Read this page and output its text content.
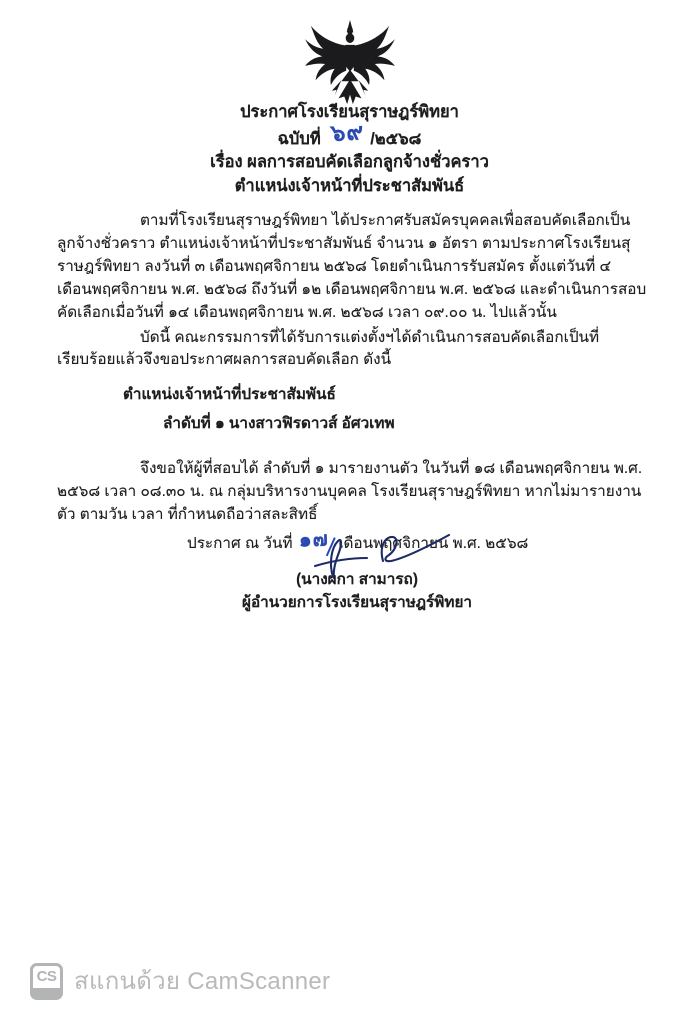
ประกาศโรงเรียนสุราษฎร์พิทยา
ฉบับที่ ๖๙ /๒๕๖๘
เรื่อง ผลการสอบคัดเลือกลูกจ้างชั่วคราว
ตำแหน่งเจ้าหน้าที่ประชาสัมพันธ์

ตามที่โรงเรียนสุราษฎร์พิทยา ได้ประกาศรับสมัครบุคคลเพื่อสอบคัดเลือกเป็นลูกจ้างชั่วคราว ตำแหน่งเจ้าหน้าที่ประชาสัมพันธ์ จำนวน ๑ อัตรา ตามประกาศโรงเรียนสุราษฎร์พิทยา ลงวันที่ ๓ เดือนพฤศจิกายน ๒๕๖๘ โดยดำเนินการรับสมัคร ตั้งแต่วันที่ ๔ เดือนพฤศจิกายน พ.ศ. ๒๕๖๘ ถึงวันที่ ๑๒ เดือนพฤศจิกายน พ.ศ. ๒๕๖๘ และดำเนินการสอบคัดเลือกเมื่อวันที่ ๑๔ เดือนพฤศจิกายน พ.ศ. ๒๕๖๘ เวลา ๐๙.๐๐ น. ไปแล้วนั้น

บัดนี้ คณะกรรมการที่ได้รับการแต่งตั้งฯได้ดำเนินการสอบคัดเลือกเป็นที่เรียบร้อยแล้วจึงขอประกาศผลการสอบคัดเลือก ดังนี้

ตำแหน่งเจ้าหน้าที่ประชาสัมพันธ์
ลำดับที่ ๑ นางสาวฟิรดาวส์ อัศวเทพ

จึงขอให้ผู้ที่สอบได้ ลำดับที่ ๑ มารายงานตัว ในวันที่ ๑๘ เดือนพฤศจิกายน พ.ศ. ๒๕๖๘ เวลา ๐๘.๓๐ น. ณ กลุ่มบริหารงานบุคคล โรงเรียนสุราษฎร์พิทยา หากไม่มารายงานตัว ตามวัน เวลา ที่กำหนดถือว่าสละสิทธิ์

ประกาศ ณ วันที่ ๑๗ เดือนพฤศจิกายน พ.ศ. ๒๕๖๘
(นางผกา สามารถ)
ผู้อำนวยการโรงเรียนสุราษฎร์พิทยา
CS สแกนด้วย CamScanner
